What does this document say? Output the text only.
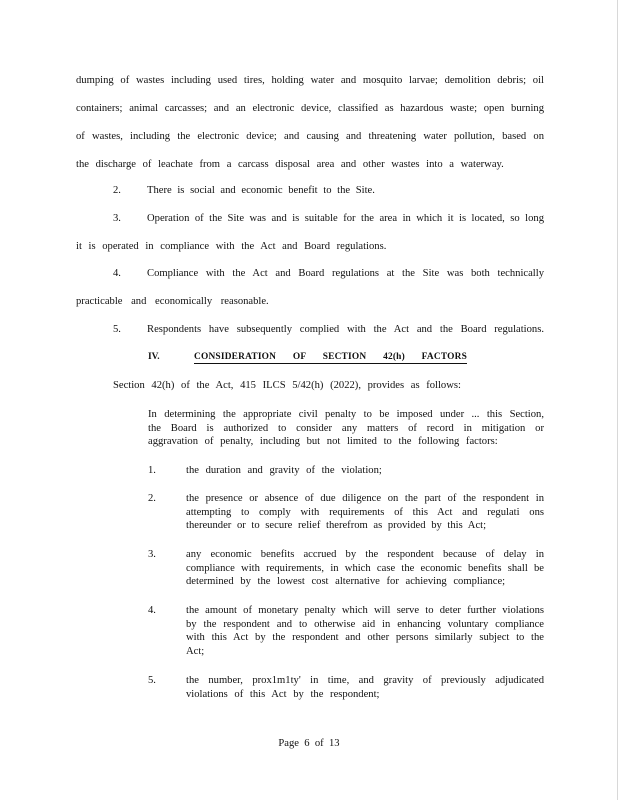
dumping of wastes including used tires, holding water and mosquito larvae; demolition debris; oil
containers; animal carcasses; and an electronic device, classified as hazardous waste; open burning
of wastes, including the electronic device; and causing and threatening water pollution, based on
the discharge of leachate from a carcass disposal area and other wastes into a waterway.
2. There is social and economic benefit to the Site.
3. Operation of the Site was and is suitable for the area in which it is located, so long
it is operated in compliance with the Act and Board regulations.
4. Compliance with the Act and Board regulations at the Site was both technically
practicable and economically reasonable.
5. Respondents have subsequently complied with the Act and the Board regulations.
IV.	CONSIDERATION OF SECTION 42(h) FACTORS
Section 42(h) of the Act, 415 ILCS 5/42(h) (2022), provides as follows:
In determining the appropriate civil penalty to be imposed under ... this Section,
the Board is authorized to consider any matters of record in mitigation or
aggravation of penalty, including but not limited to the following factors:
1.	the duration and gravity of the violation;
2.	the presence or absence of due diligence on the part of the respondent in
attempting to comply with requirements of this Act and regulati ons
thereunder or to secure relief therefrom as provided by this Act;
3.	any economic benefits accrued by the respondent because of delay in
compliance with requirements, in which case the economic benefits shall be
determined by the lowest cost alternative for achieving compliance;
4.	the amount of monetary penalty which will serve to deter further violations
by the respondent and to otherwise aid in enhancing voluntary compliance
with this Act by the respondent and other persons similarly subject to the
Act;
5.	the number, prox1m1ty' in time, and gravity of previously adjudicated
violations of this Act by the respondent;
Page 6 of 13
